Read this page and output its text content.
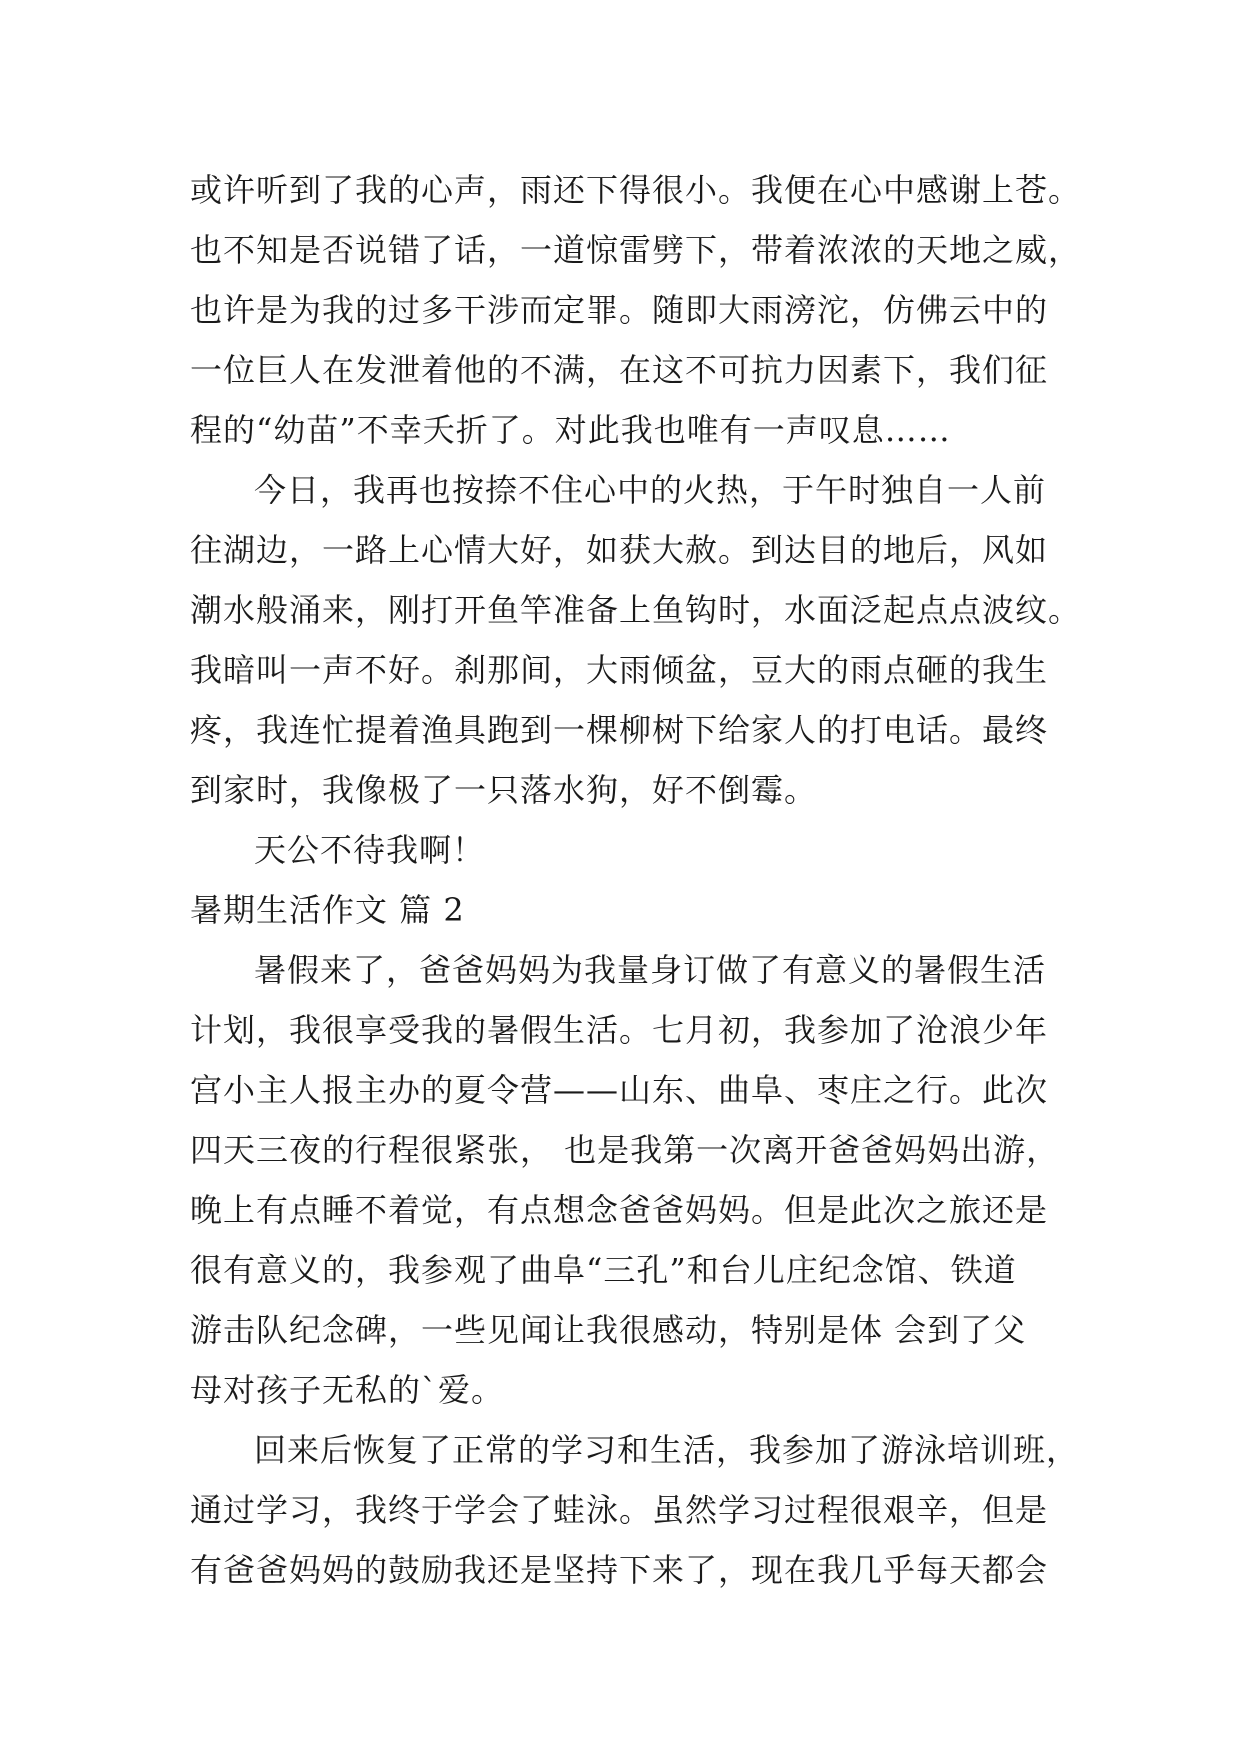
或许听到了我的心声，雨还下得很小。我便在心中感谢上苍。
也不知是否说错了话，一道惊雷劈下，带着浓浓的天地之威，
也许是为我的过多干涉而定罪。随即大雨滂沱，仿佛云中的
一位巨人在发泄着他的不满，在这不可抗力因素下，我们征
程的“幼苗”不幸夭折了。对此我也唯有一声叹息……
今日，我再也按捺不住心中的火热，于午时独自一人前
往湖边，一路上心情大好，如获大赦。到达目的地后，风如
潮水般涌来，刚打开鱼竿准备上鱼钩时，水面泛起点点波纹。
我暗叫一声不好。刹那间，大雨倾盆，豆大的雨点砸的我生
疼，我连忙提着渔具跑到一棵柳树下给家人的打电话。最终
到家时，我像极了一只落水狗，好不倒霉。
天公不待我啊！
暑期生活作文 篇 2
暑假来了，爸爸妈妈为我量身订做了有意义的暑假生活
计划，我很享受我的暑假生活。七月初，我参加了沧浪少年
宫小主人报主办的夏令营——山东、曲阜、枣庄之行。此次
四天三夜的行程很紧张， 也是我第一次离开爸爸妈妈出游，
晚上有点睡不着觉，有点想念爸爸妈妈。但是此次之旅还是
很有意义的，我参观了曲阜“三孔”和台儿庄纪念馆、铁道
游击队纪念碑，一些见闻让我很感动，特别是体 会到了父
母对孩子无私的`爱。
回来后恢复了正常的学习和生活，我参加了游泳培训班，
通过学习，我终于学会了蛙泳。虽然学习过程很艰辛，但是
有爸爸妈妈的鼓励我还是坚持下来了，现在我几乎每天都会
